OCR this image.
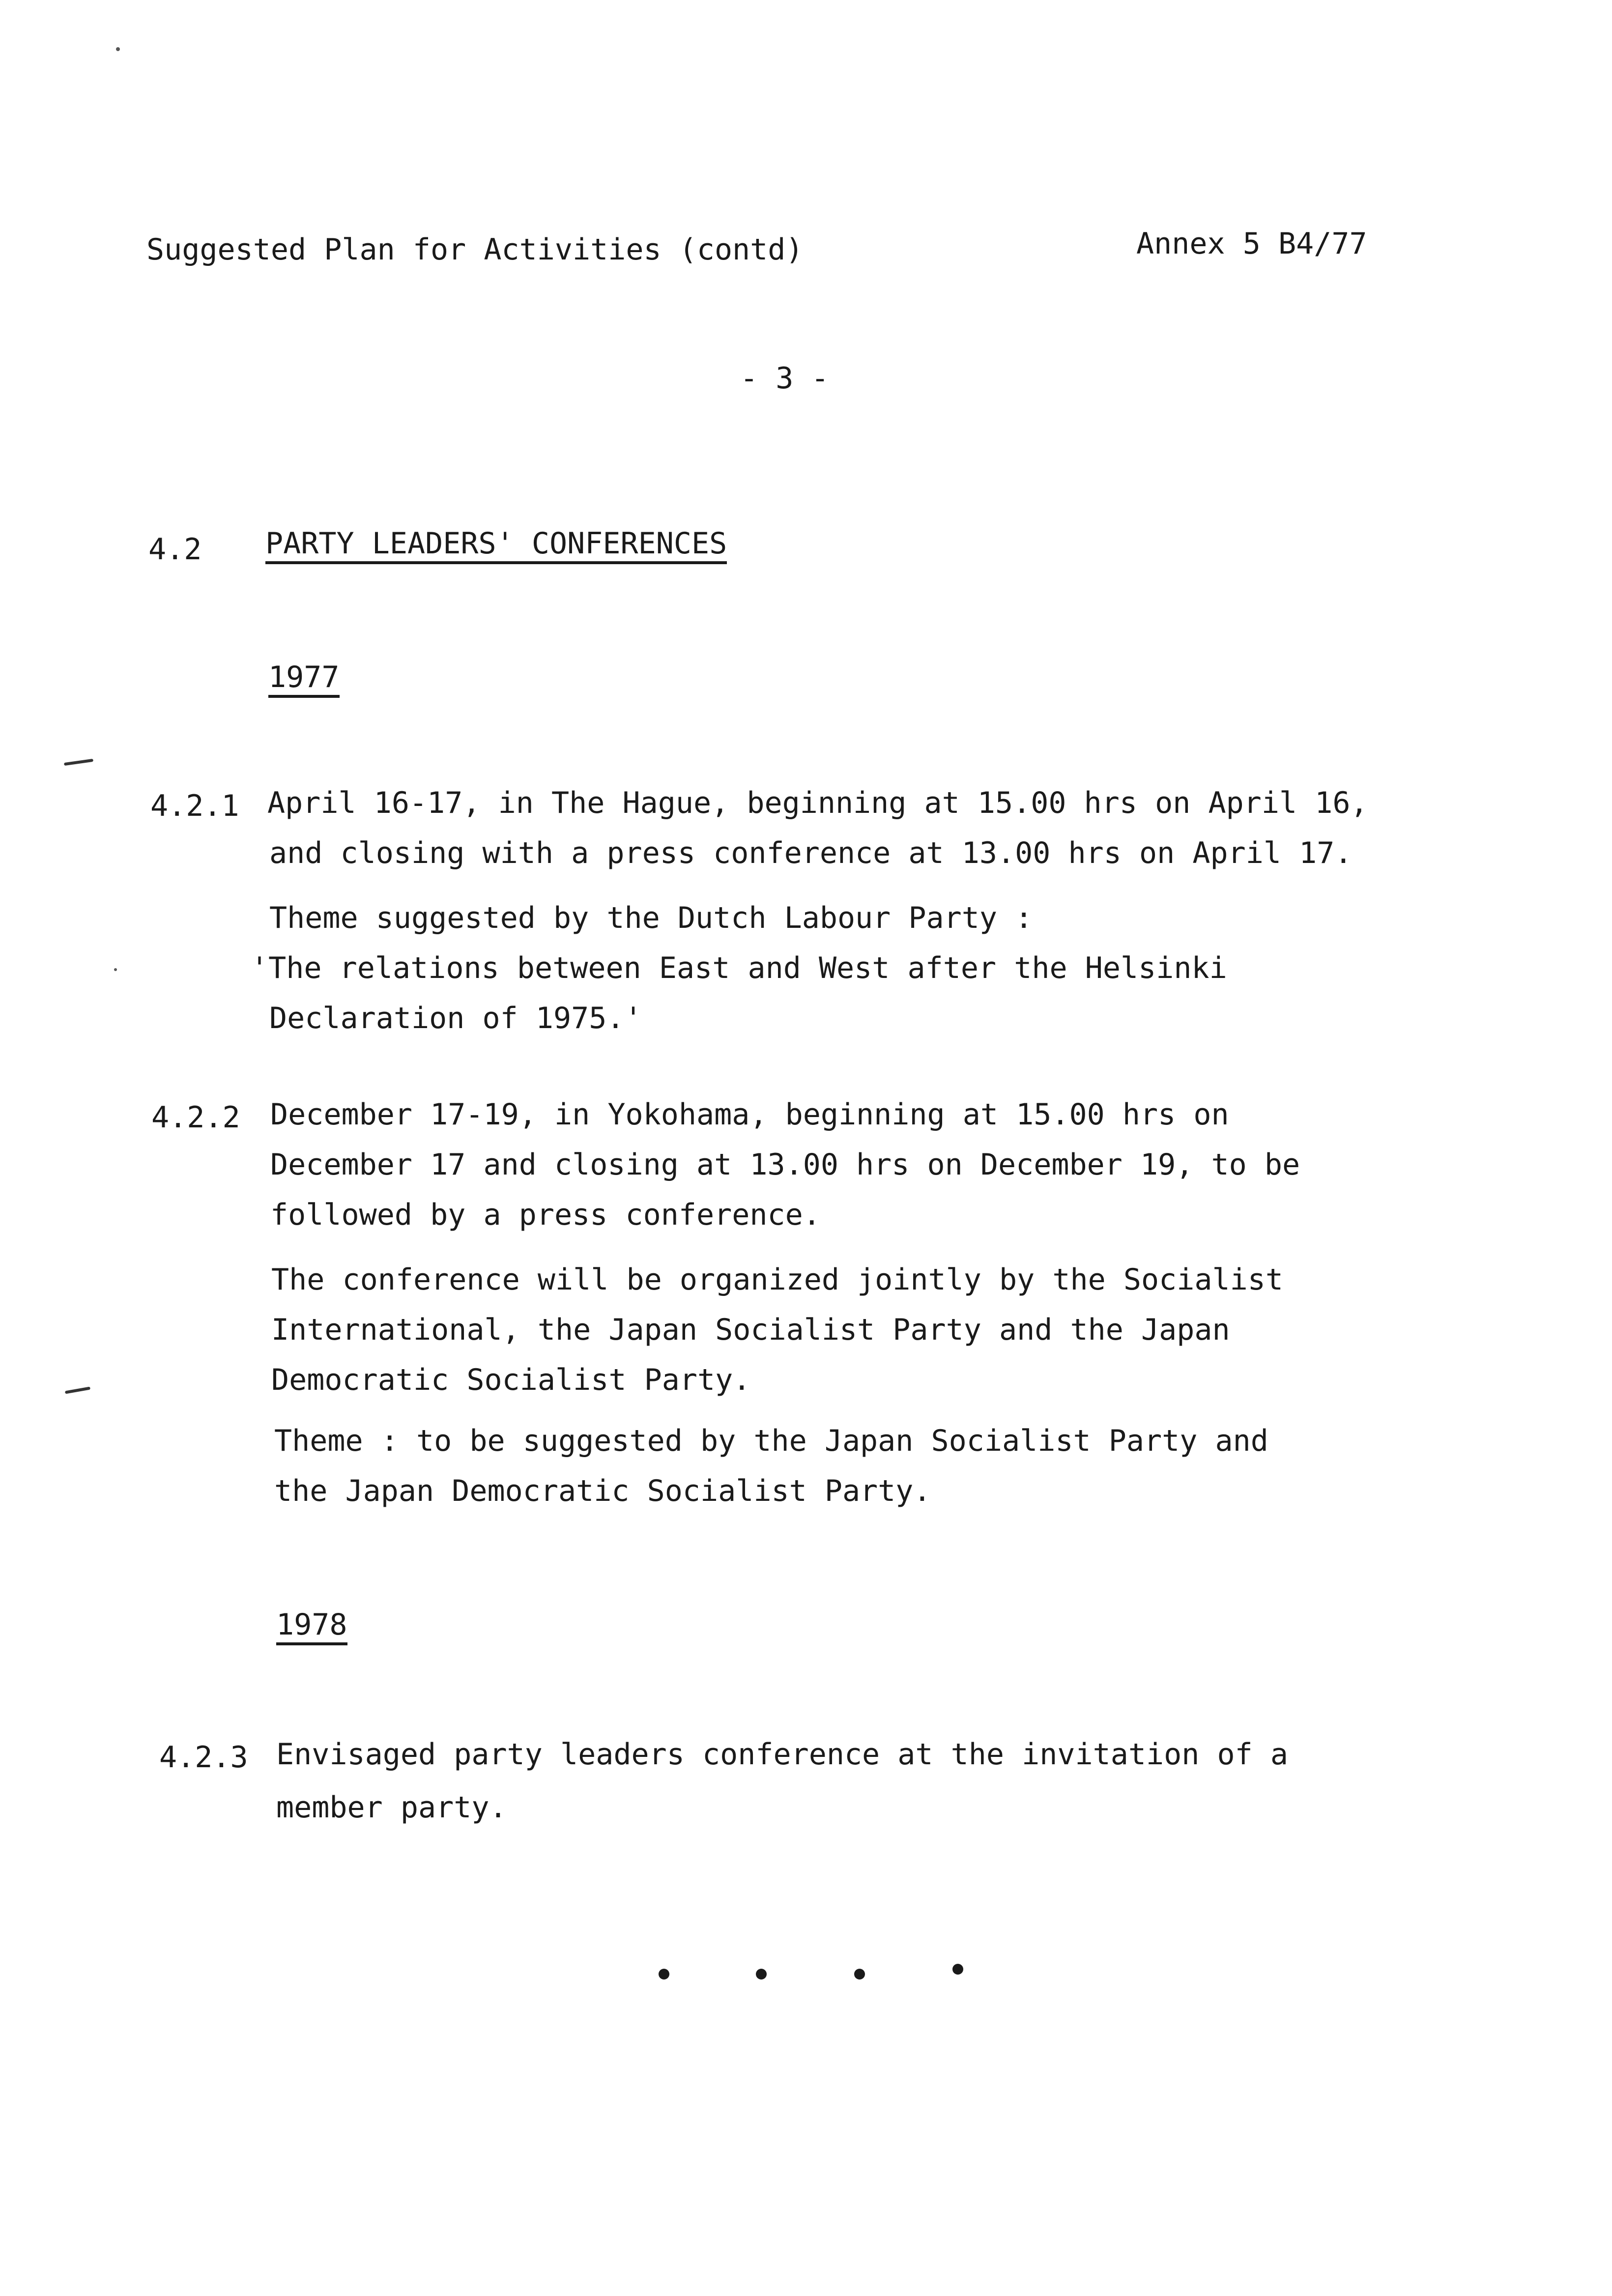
Suggested Plan for Activities (contd)	Annex 5 B4/77
- 3 -
4.2 PARTY LEADERS' CONFERENCES
1977
4.2.1 April 16-17, in The Hague, beginning at 15.00 hrs on April 16,
and closing with a press conference at 13.00 hrs on April 17.
Theme suggested by the Dutch Labour Party :
'The relations between East and West after the Helsinki
Declaration of 1975.'
4.2.2 December 17-19, in Yokohama, beginning at 15.00 hrs on
December 17 and closing at 13.00 hrs on December 19, to be
followed by a press conference.
The conference will be organized jointly by the Socialist
International, the Japan Socialist Party and the Japan
Democratic Socialist Party.
Theme : to be suggested by the Japan Socialist Party and
the Japan Democratic Socialist Party.
1978
4.2.3 Envisaged party leaders conference at the invitation of a
member party.
